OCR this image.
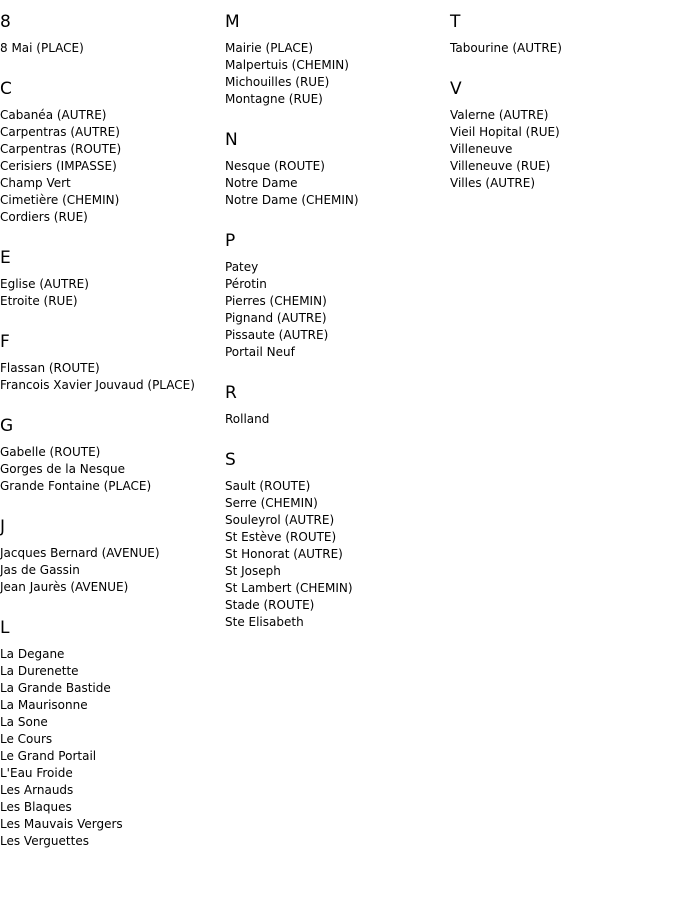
8
8 Mai (PLACE)
C
Cabanéa (AUTRE)
Carpentras (AUTRE)
Carpentras (ROUTE)
Cerisiers (IMPASSE)
Champ Vert
Cimetière (CHEMIN)
Cordiers (RUE)
E
Eglise (AUTRE)
Etroite (RUE)
F
Flassan (ROUTE)
Francois Xavier Jouvaud (PLACE)
G
Gabelle (ROUTE)
Gorges de la Nesque
Grande Fontaine (PLACE)
J
Jacques Bernard (AVENUE)
Jas de Gassin
Jean Jaurès (AVENUE)
L
La Degane
La Durenette
La Grande Bastide
La Maurisonne
La Sone
Le Cours
Le Grand Portail
L'Eau Froide
Les Arnauds
Les Blaques
Les Mauvais Vergers
Les Verguettes
M
Mairie (PLACE)
Malpertuis (CHEMIN)
Michouilles (RUE)
Montagne (RUE)
N
Nesque (ROUTE)
Notre Dame
Notre Dame (CHEMIN)
P
Patey
Pérotin
Pierres (CHEMIN)
Pignand (AUTRE)
Pissaute (AUTRE)
Portail Neuf
R
Rolland
S
Sault (ROUTE)
Serre (CHEMIN)
Souleyrol (AUTRE)
St Estève (ROUTE)
St Honorat (AUTRE)
St Joseph
St Lambert (CHEMIN)
Stade (ROUTE)
Ste Elisabeth
T
Tabourine (AUTRE)
V
Valerne (AUTRE)
Vieil Hopital (RUE)
Villeneuve
Villeneuve (RUE)
Villes (AUTRE)
